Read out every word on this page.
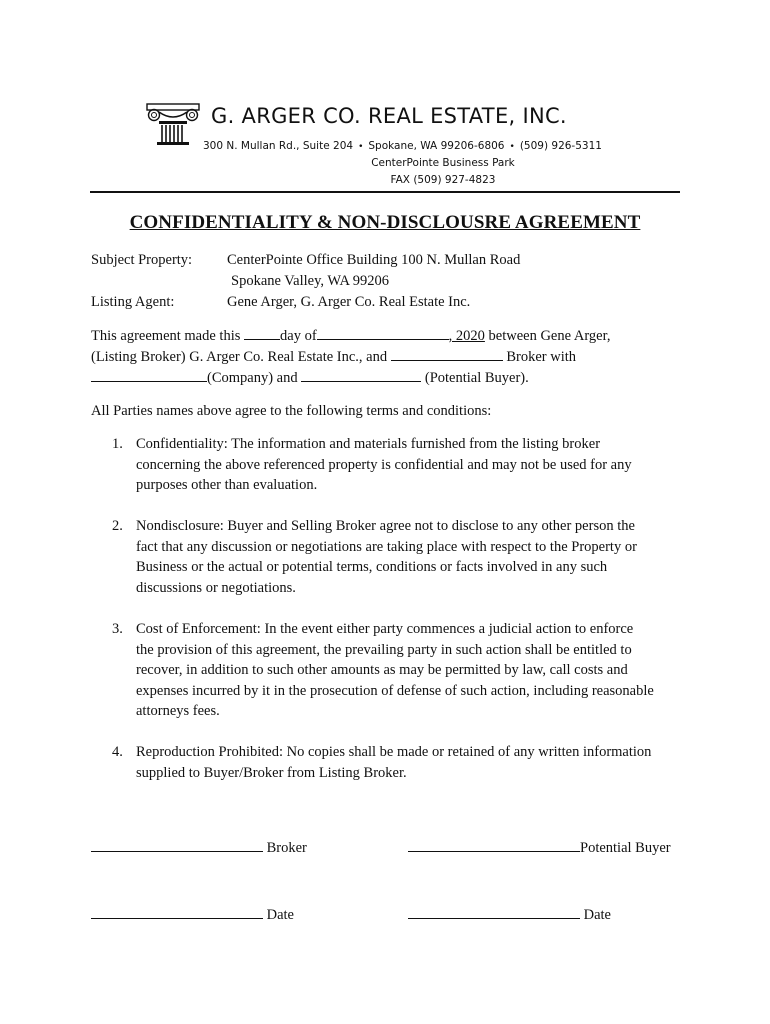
G. ARGER CO. REAL ESTATE, INC.

300 N. Mullan Rd., Suite 204 • Spokane, WA 99206-6806 • (509) 926-5311

CenterPointe Business Park

FAX (509) 927-4823

CONFIDENTIALITY & NON-DISCLOUSRE AGREEMENT
Subject Property: CenterPointe Office Building 100 N. Mullan Road
Spokane Valley, WA 99206
Listing Agent:	Gene Arger, G. Arger Co. Real Estate Inc.

This agreement made this day of	, 2020 between Gene Arger,

(Listing Broker) G. Arger Co. Real Estate Inc., and	Broker with

(Company) and	(Potential Buyer).

All Parties names above agree to the following terms and conditions:

1. Confidentiality: The information and materials furnished from the listing broker
concerning the above referenced property is confidential and may not be used for any
purposes other than evaluation.
2. Nondisclosure: Buyer and Selling Broker agree not to disclose to any other person the
fact that any discussion or negotiations are taking place with respect to the Property or
Business or the actual or potential terms, conditions or facts involved in any such
discussions or negotiations.
3. Cost of Enforcement: In the event either party commences a judicial action to enforce
the provision of this agreement, the prevailing party in such action shall be entitled to
recover, in addition to such other amounts as may be permitted by law, call costs and
expenses incurred by it in the prosecution of defense of such action, including reasonable
attorneys fees.
4. Reproduction Prohibited: No copies shall be made or retained of any written information
supplied to Buyer/Broker from Listing Broker.
Broker	Potential Buyer
Date	Date
